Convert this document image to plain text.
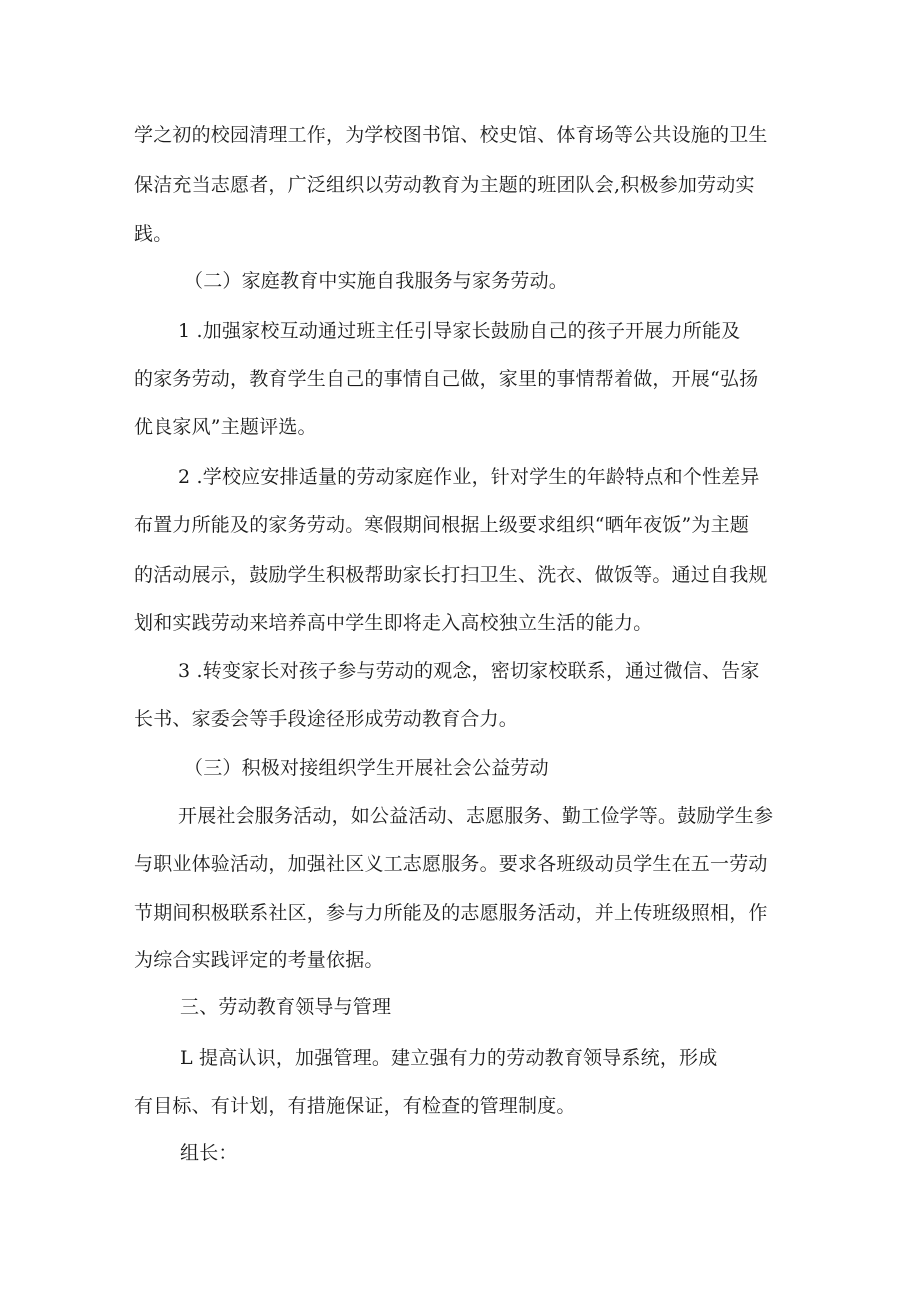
学之初的校园清理工作，为学校图书馆、校史馆、体育场等公共设施的卫生
保洁充当志愿者，广泛组织以劳动教育为主题的班团队会,积极参加劳动实
践。
（二）家庭教育中实施自我服务与家务劳动。
1 .加强家校互动通过班主任引导家长鼓励自己的孩子开展力所能及
的家务劳动，教育学生自己的事情自己做，家里的事情帮着做，开展“弘扬
优良家风”主题评选。
2 .学校应安排适量的劳动家庭作业，针对学生的年龄特点和个性差异
布置力所能及的家务劳动。寒假期间根据上级要求组织“晒年夜饭”为主题
的活动展示，鼓励学生积极帮助家长打扫卫生、洗衣、做饭等。通过自我规
划和实践劳动来培养高中学生即将走入高校独立生活的能力。
3 .转变家长对孩子参与劳动的观念，密切家校联系，通过微信、告家
长书、家委会等手段途径形成劳动教育合力。
（三）积极对接组织学生开展社会公益劳动
开展社会服务活动，如公益活动、志愿服务、勤工俭学等。鼓励学生参
与职业体验活动，加强社区义工志愿服务。要求各班级动员学生在五一劳动
节期间积极联系社区，参与力所能及的志愿服务活动，并上传班级照相，作
为综合实践评定的考量依据。
三、劳动教育领导与管理
L 提高认识，加强管理。建立强有力的劳动教育领导系统，形成
有目标、有计划，有措施保证，有检查的管理制度。
组长：
